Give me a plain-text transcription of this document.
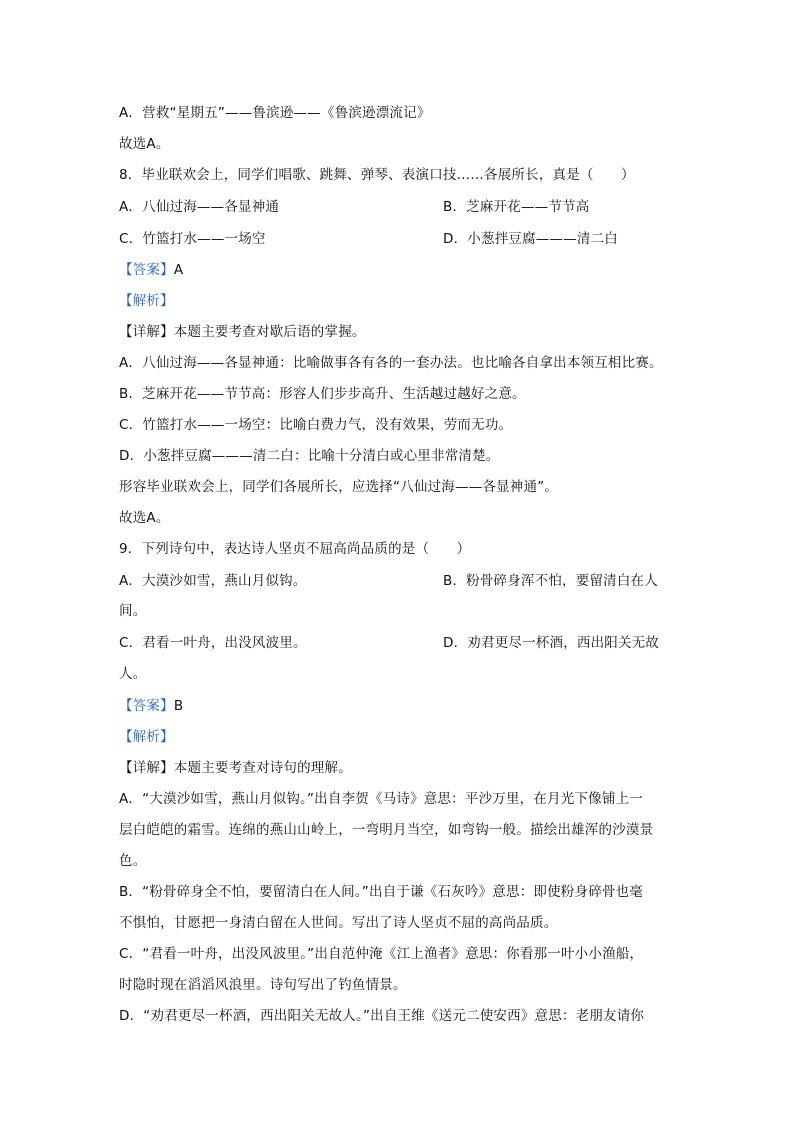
A．营救“星期五”——鲁滨逊——《鲁滨逊漂流记》
故选A。
8．毕业联欢会上，同学们唱歌、跳舞、弹琴、表演口技……各展所长，真是（　　）
A．八仙过海——各显神通	B．芝麻开花——节节高
C．竹篮打水——一场空	D．小葱拌豆腐———清二白
【答案】A
【解析】
【详解】本题主要考查对歇后语的掌握。
A．八仙过海——各显神通：比喻做事各有各的一套办法。也比喻各自拿出本领互相比赛。
B．芝麻开花——节节高：形容人们步步高升、生活越过越好之意。
C．竹篮打水——一场空：比喻白费力气，没有效果，劳而无功。
D．小葱拌豆腐———清二白：比喻十分清白或心里非常清楚。
形容毕业联欢会上，同学们各展所长，应选择“八仙过海——各显神通”。
故选A。
9．下列诗句中，表达诗人坚贞不屈高尚品质的是（　　）
A．大漠沙如雪，燕山月似钩。	B．粉骨碎身浑不怕，要留清白在人
间。
C．君看一叶舟，出没风波里。	D．劝君更尽一杯酒，西出阳关无故
人。
【答案】B
【解析】
【详解】本题主要考查对诗句的理解。
A．“大漠沙如雪，燕山月似钩。”出自李贺《马诗》意思：平沙万里，在月光下像铺上一
层白皑皑的霜雪。连绵的燕山山岭上，一弯明月当空，如弯钩一般。描绘出雄浑的沙漠景
色。
B．“粉骨碎身全不怕，要留清白在人间。”出自于谦《石灰吟》意思：即使粉身碎骨也毫
不惧怕，甘愿把一身清白留在人世间。写出了诗人坚贞不屈的高尚品质。
C．“君看一叶舟，出没风波里。”出自范仲淹《江上渔者》意思：你看那一叶小小渔船，
时隐时现在滔滔风浪里。诗句写出了钓鱼情景。
D．“劝君更尽一杯酒，西出阳关无故人。”出自王维《送元二使安西》意思：老朋友请你
